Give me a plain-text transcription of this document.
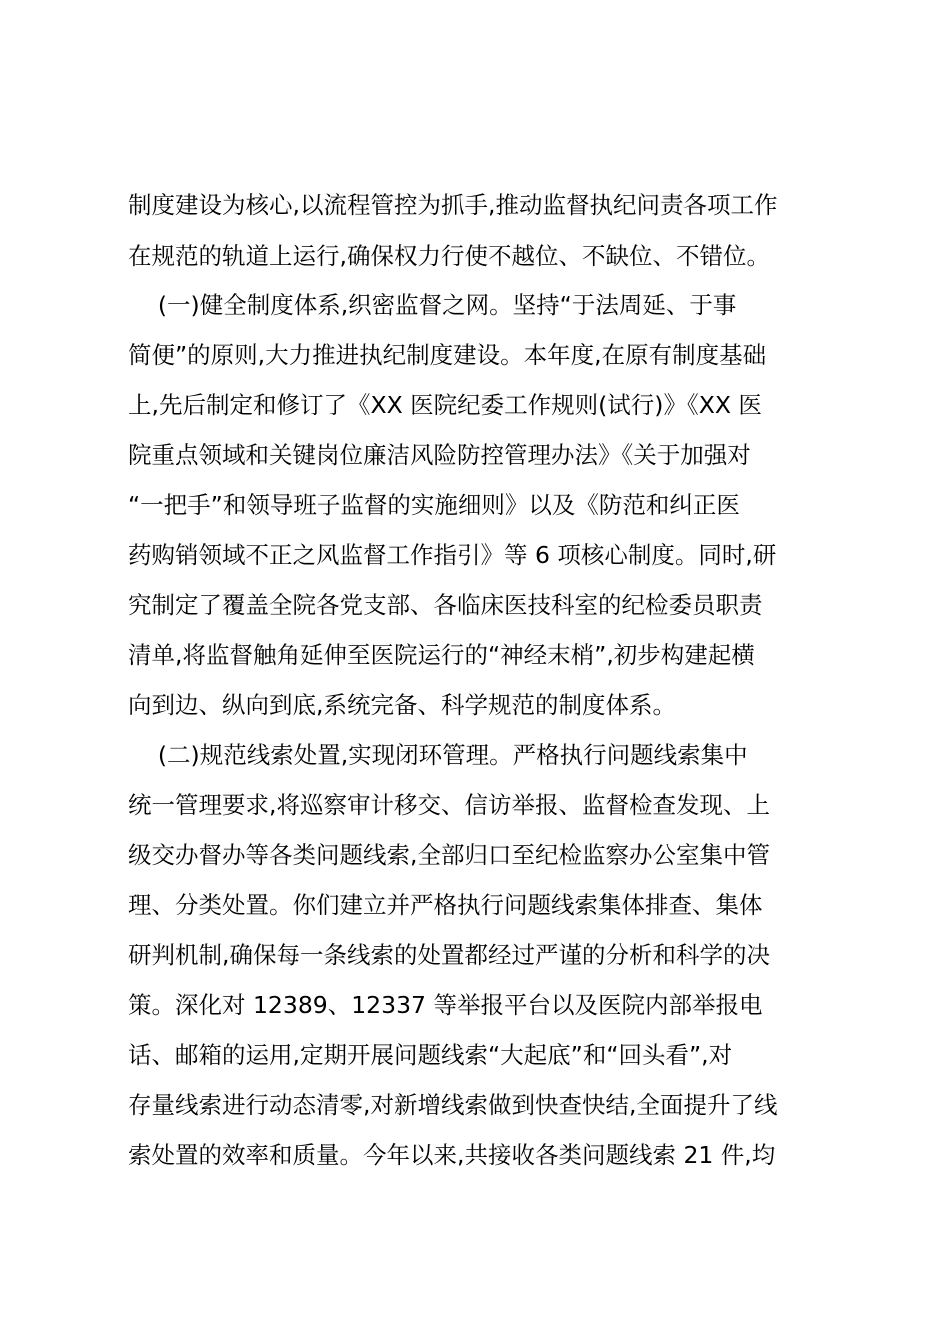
制度建设为核心,以流程管控为抓手,推动监督执纪问责各项工作
在规范的轨道上运行,确保权力行使不越位、不缺位、不错位。
(一)健全制度体系,织密监督之网。坚持“于法周延、于事
简便”的原则,大力推进执纪制度建设。本年度,在原有制度基础
上,先后制定和修订了《XX 医院纪委工作规则(试行)》《XX 医
院重点领域和关键岗位廉洁风险防控管理办法》《关于加强对
“一把手”和领导班子监督的实施细则》以及《防范和纠正医
药购销领域不正之风监督工作指引》等 6 项核心制度。同时,研
究制定了覆盖全院各党支部、各临床医技科室的纪检委员职责
清单,将监督触角延伸至医院运行的“神经末梢”,初步构建起横
向到边、纵向到底,系统完备、科学规范的制度体系。
(二)规范线索处置,实现闭环管理。严格执行问题线索集中
统一管理要求,将巡察审计移交、信访举报、监督检查发现、上
级交办督办等各类问题线索,全部归口至纪检监察办公室集中管
理、分类处置。你们建立并严格执行问题线索集体排查、集体
研判机制,确保每一条线索的处置都经过严谨的分析和科学的决
策。深化对 12389、12337 等举报平台以及医院内部举报电
话、邮箱的运用,定期开展问题线索“大起底”和“回头看”,对
存量线索进行动态清零,对新增线索做到快查快结,全面提升了线
索处置的效率和质量。今年以来,共接收各类问题线索 21 件,均
